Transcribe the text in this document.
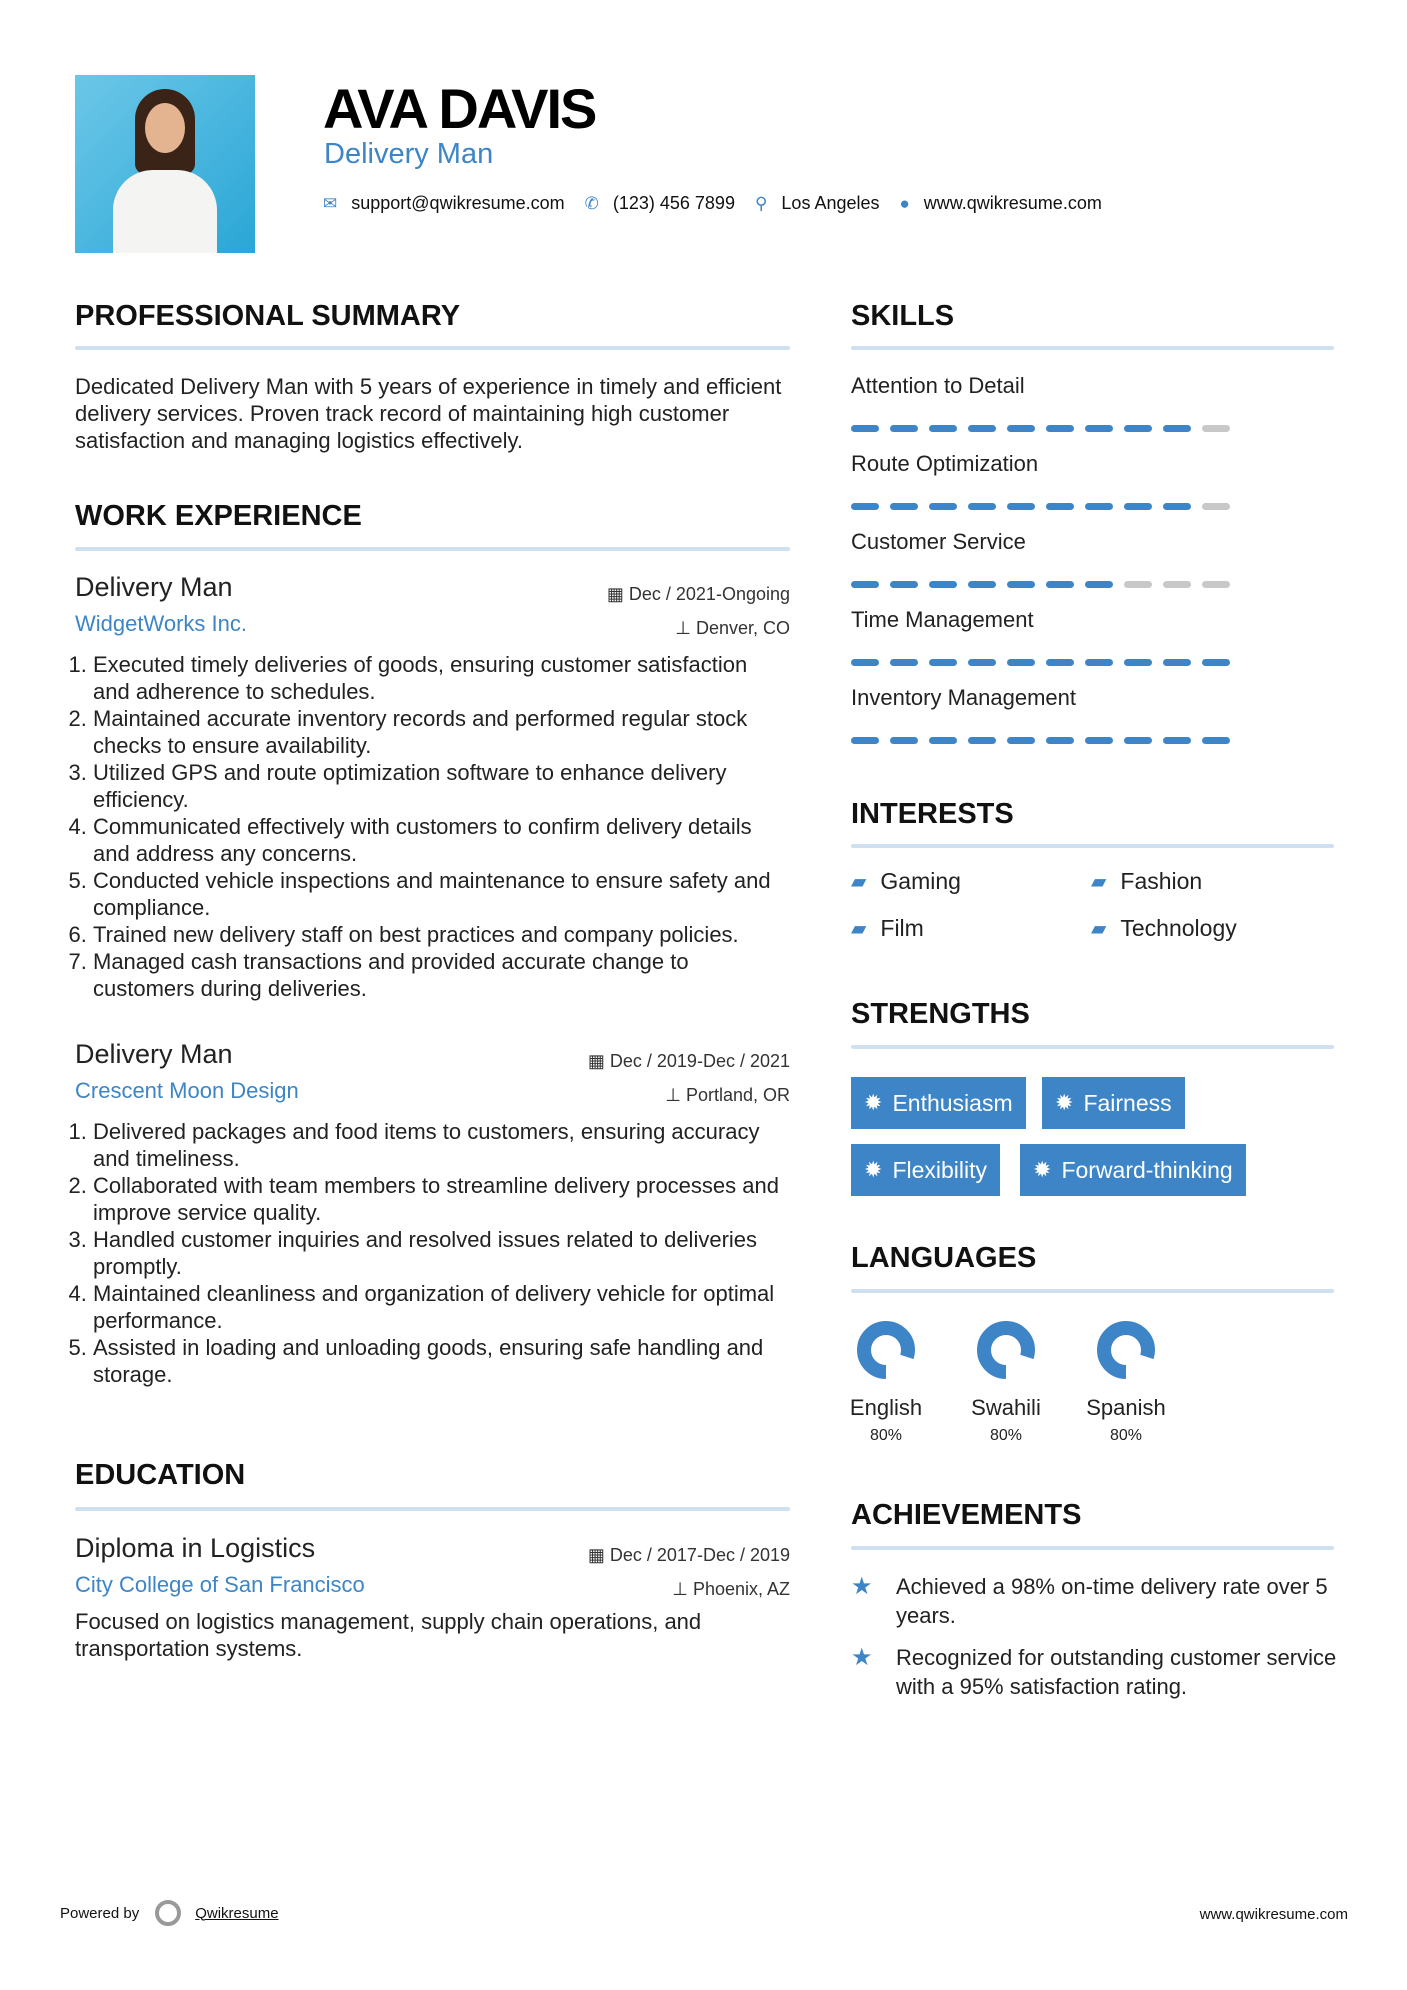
AVA DAVIS
Delivery Man
✉ support@qwikresume.com ✆ (123) 456 7899 ⚲ Los Angeles ● www.qwikresume.com
PROFESSIONAL SUMMARY
Dedicated Delivery Man with 5 years of experience in timely and efficient delivery services. Proven track record of maintaining high customer satisfaction and managing logistics effectively.
WORK EXPERIENCE
Delivery Man	▦ Dec / 2021-Ongoing
WidgetWorks Inc.	⊥ Denver, CO
1. Executed timely deliveries of goods, ensuring customer satisfaction and adherence to schedules.
2. Maintained accurate inventory records and performed regular stock checks to ensure availability.
3. Utilized GPS and route optimization software to enhance delivery efficiency.
4. Communicated effectively with customers to confirm delivery details and address any concerns.
5. Conducted vehicle inspections and maintenance to ensure safety and compliance.
6. Trained new delivery staff on best practices and company policies.
7. Managed cash transactions and provided accurate change to customers during deliveries.
Delivery Man	▦ Dec / 2019-Dec / 2021
Crescent Moon Design	⊥ Portland, OR
1. Delivered packages and food items to customers, ensuring accuracy and timeliness.
2. Collaborated with team members to streamline delivery processes and improve service quality.
3. Handled customer inquiries and resolved issues related to deliveries promptly.
4. Maintained cleanliness and organization of delivery vehicle for optimal performance.
5. Assisted in loading and unloading goods, ensuring safe handling and storage.
EDUCATION
Diploma in Logistics	▦ Dec / 2017-Dec / 2019
City College of San Francisco	⊥ Phoenix, AZ
Focused on logistics management, supply chain operations, and transportation systems.
SKILLS
Attention to Detail
Route Optimization
Customer Service
Time Management
Inventory Management
INTERESTS
▰ Gaming	▰ Fashion
▰ Film	▰ Technology
STRENGTHS
✹ Enthusiasm ✹ Fairness
✹ Flexibility ✹ Forward-thinking
LANGUAGES
English
80%
Swahili
80%
Spanish
80%
ACHIEVEMENTS
★	Achieved a 98% on-time delivery rate over 5 years.
★	Recognized for outstanding customer service with a 95% satisfaction rating.
Powered by	Qwikresume	www.qwikresume.com
